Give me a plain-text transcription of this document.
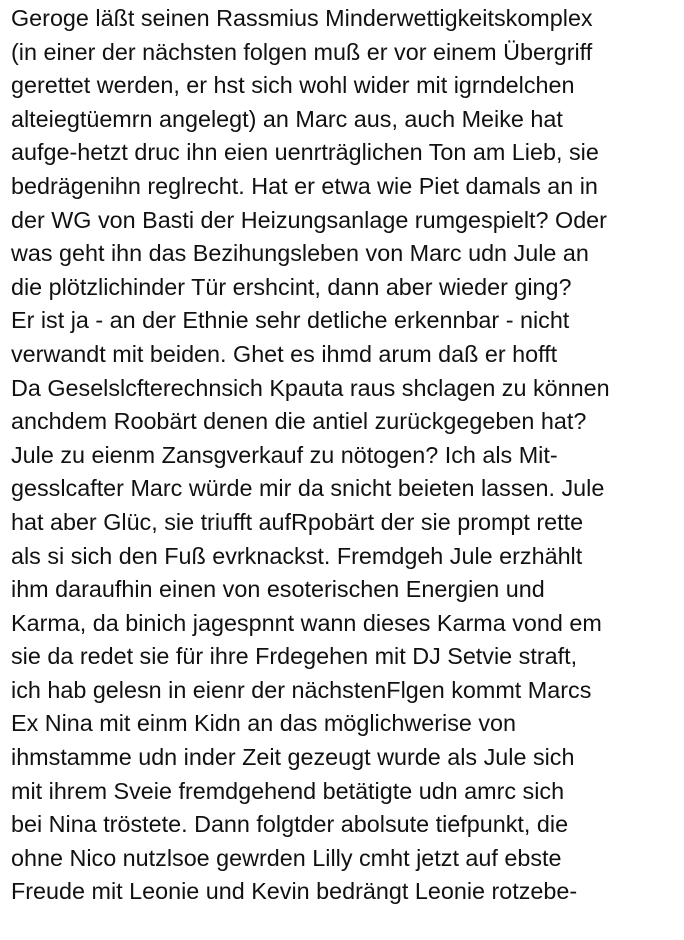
Geroge läßt seinen Rassmius Minderwettigkeitskomplex
(in einer der nächsten folgen muß er vor einem Übergriff
gerettet werden, er hst sich wohl wider mit igrndelchen
alteiegtüemrn angelegt) an Marc aus, auch Meike hat
aufge-hetzt druc ihn eien uenrträglichen Ton am Lieb, sie
bedrägenihn reglrecht. Hat er etwa wie Piet damals an in
der WG von Basti der Heizungsanlage rumgespielt? Oder
was geht ihn das Bezihungsleben von Marc udn Jule an
die plötzlichinder Tür ershcint, dann aber wieder ging?
Er ist ja - an der Ethnie sehr detliche erkennbar - nicht
verwandt mit beiden. Ghet es ihmd arum daß er hofft
Da Geselslcfterechnsich Kpauta raus shclagen zu können
anchdem Roobärt denen die antiel zurückgegeben hat?
Jule zu eienm Zansgverkauf zu nötogen? Ich als Mit-
gesslcafter Marc würde mir da snicht beieten lassen. Jule
hat aber Glüc, sie triufft aufRpobärt der sie prompt rette
als si sich den Fuß evrknackst. Fremdgeh Jule erzhählt
ihm daraufhin einen von esoterischen Energien und
Karma, da binich jagespnnt wann dieses Karma vond em
sie da redet sie für ihre Frdegehen mit DJ Setvie straft,
ich hab gelesn in eienr der nächstenFlgen kommt Marcs
Ex Nina mit einm Kidn an das möglichwerise von
ihmstamme udn inder Zeit gezeugt wurde als Jule sich
mit ihrem Sveie fremdgehend betätigte udn amrc sich
bei Nina tröstete. Dann folgtder abolsute tiefpunkt, die
ohne Nico nutzlsoe gewrden Lilly cmht jetzt auf ebste
Freude mit Leonie und Kevin bedrängt Leonie rotzebe-
